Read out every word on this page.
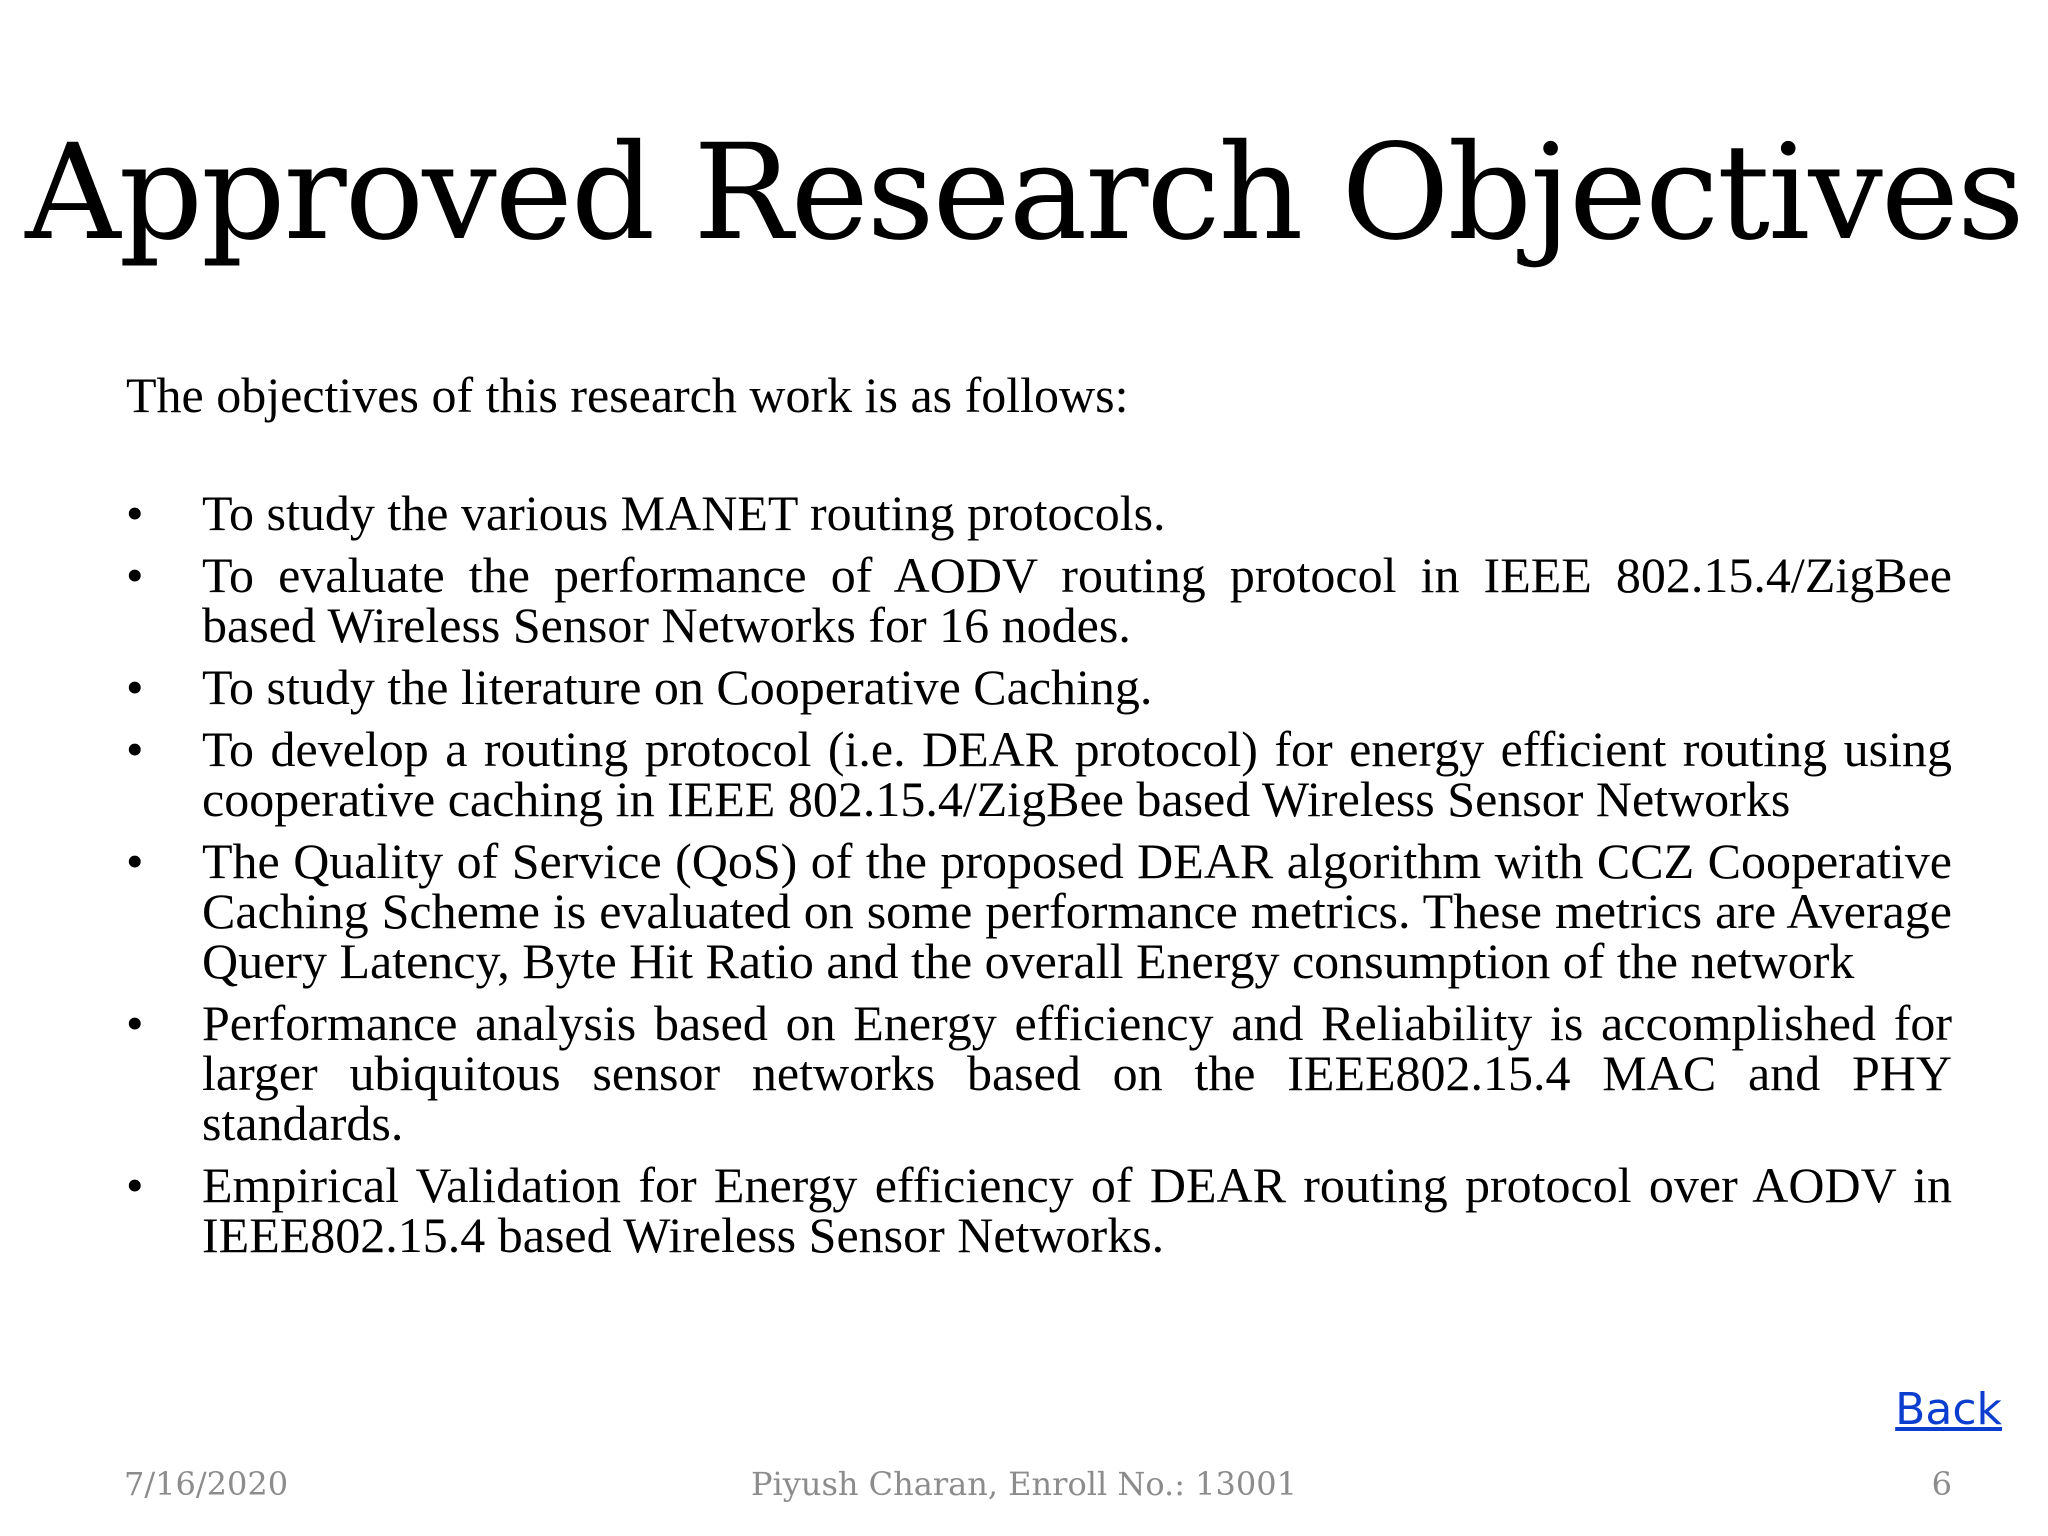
Approved Research Objectives

The objectives of this research work is as follows:

•	To study the various MANET routing protocols.
•	To evaluate the performance of AODV routing protocol in IEEE 802.15.4/ZigBee based Wireless Sensor Networks for 16 nodes.
•	To study the literature on Cooperative Caching.
•	To develop a routing protocol (i.e. DEAR protocol) for energy efficient routing using cooperative caching in IEEE 802.15.4/ZigBee based Wireless Sensor Networks
•	The Quality of Service (QoS) of the proposed DEAR algorithm with CCZ Cooperative Caching Scheme is evaluated on some performance metrics. These metrics are Average Query Latency, Byte Hit Ratio and the overall Energy consumption of the network
•	Performance analysis based on Energy efficiency and Reliability is accomplished for larger ubiquitous sensor networks based on the IEEE802.15.4 MAC and PHY standards.
•	Empirical Validation for Energy efficiency of DEAR routing protocol over AODV in IEEE802.15.4 based Wireless Sensor Networks.
Back
7/16/2020	Piyush Charan, Enroll No.: 13001	6
